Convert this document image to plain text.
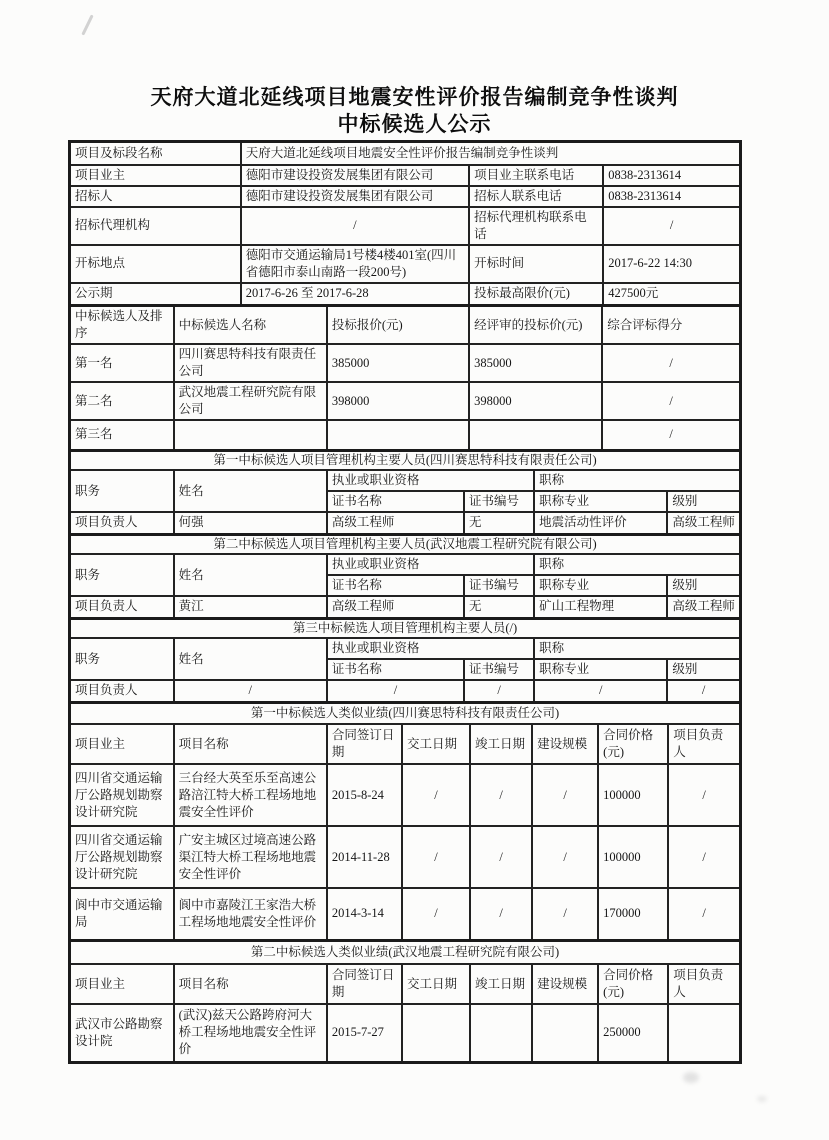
天府大道北延线项目地震安性评价报告编制竞争性谈判
中标候选人公示
项目及标段名称	天府大道北延线项目地震安全性评价报告编制竞争性谈判		
项目业主	德阳市建设投资发展集团有限公司	项目业主联系电话	0838-2313614
招标人	德阳市建设投资发展集团有限公司	招标人联系电话	0838-2313614
招标代理机构	/	招标代理机构联系电话	/
开标地点	德阳市交通运输局1号楼4楼401室(四川省德阳市泰山南路一段200号)	开标时间	2017-6-22 14:30
公示期	2017-6-26 至 2017-6-28	投标最高限价(元)	427500元
中标候选人及排序	中标候选人名称	投标报价(元)	经评审的投标价(元)	综合评标得分
第一名	四川赛思特科技有限责任公司	385000	385000	/
第二名	武汉地震工程研究院有限公司	398000	398000	/
第三名				/
第一中标候选人项目管理机构主要人员(四川赛思特科技有限责任公司)					
职务	姓名	执业或职业资格		职称	
		证书名称	证书编号	职称专业	级别
项目负责人	何强	高级工程师	无	地震活动性评价	高级工程师
第二中标候选人项目管理机构主要人员(武汉地震工程研究院有限公司)					
职务	姓名	执业或职业资格		职称	
		证书名称	证书编号	职称专业	级别
项目负责人	黄江	高级工程师	无	矿山工程物理	高级工程师
第三中标候选人项目管理机构主要人员(/)					
职务	姓名	执业或职业资格		职称	
		证书名称	证书编号	职称专业	级别
项目负责人	/	/	/	/	/
第一中标候选人类似业绩(四川赛思特科技有限责任公司)							
项目业主	项目名称	合同签订日期	交工日期	竣工日期	建设规模	合同价格(元)	项目负责人
四川省交通运输厅公路规划勘察设计研究院	三台经大英至乐至高速公路涪江特大桥工程场地地震安全性评价	2015-8-24	/	/	/	100000	/
四川省交通运输厅公路规划勘察设计研究院	广安主城区过境高速公路渠江特大桥工程场地地震安全性评价	2014-11-28	/	/	/	100000	/
阆中市交通运输局	阆中市嘉陵江王家浩大桥工程场地地震安全性评价	2014-3-14	/	/	/	170000	/
第二中标候选人类似业绩(武汉地震工程研究院有限公司)							
项目业主	项目名称	合同签订日期	交工日期	竣工日期	建设规模	合同价格(元)	项目负责人
武汉市公路勘察设计院	(武汉)兹天公路跨府河大桥工程场地地震安全性评价	2015-7-27				250000	
